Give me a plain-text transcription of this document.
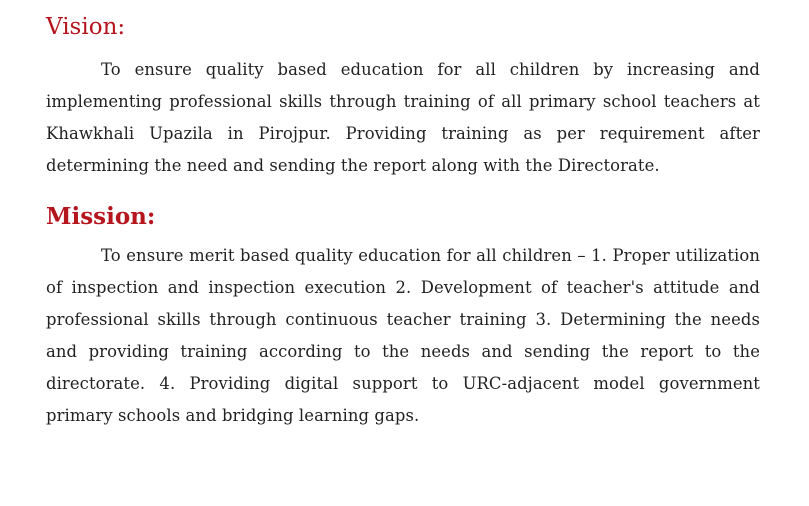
Vision:

To ensure quality based education for all children by increasing and implementing professional skills through training of all primary school teachers at Khawkhali Upazila in Pirojpur. Providing training as per requirement after determining the need and sending the report along with the Directorate.

Mission:

To ensure merit based quality education for all children – 1. Proper utilization of inspection and inspection execution 2. Development of teacher's attitude and professional skills through continuous teacher training 3. Determining the needs and providing training according to the needs and sending the report to the directorate. 4. Providing digital support to URC-adjacent model government primary schools and bridging learning gaps.
